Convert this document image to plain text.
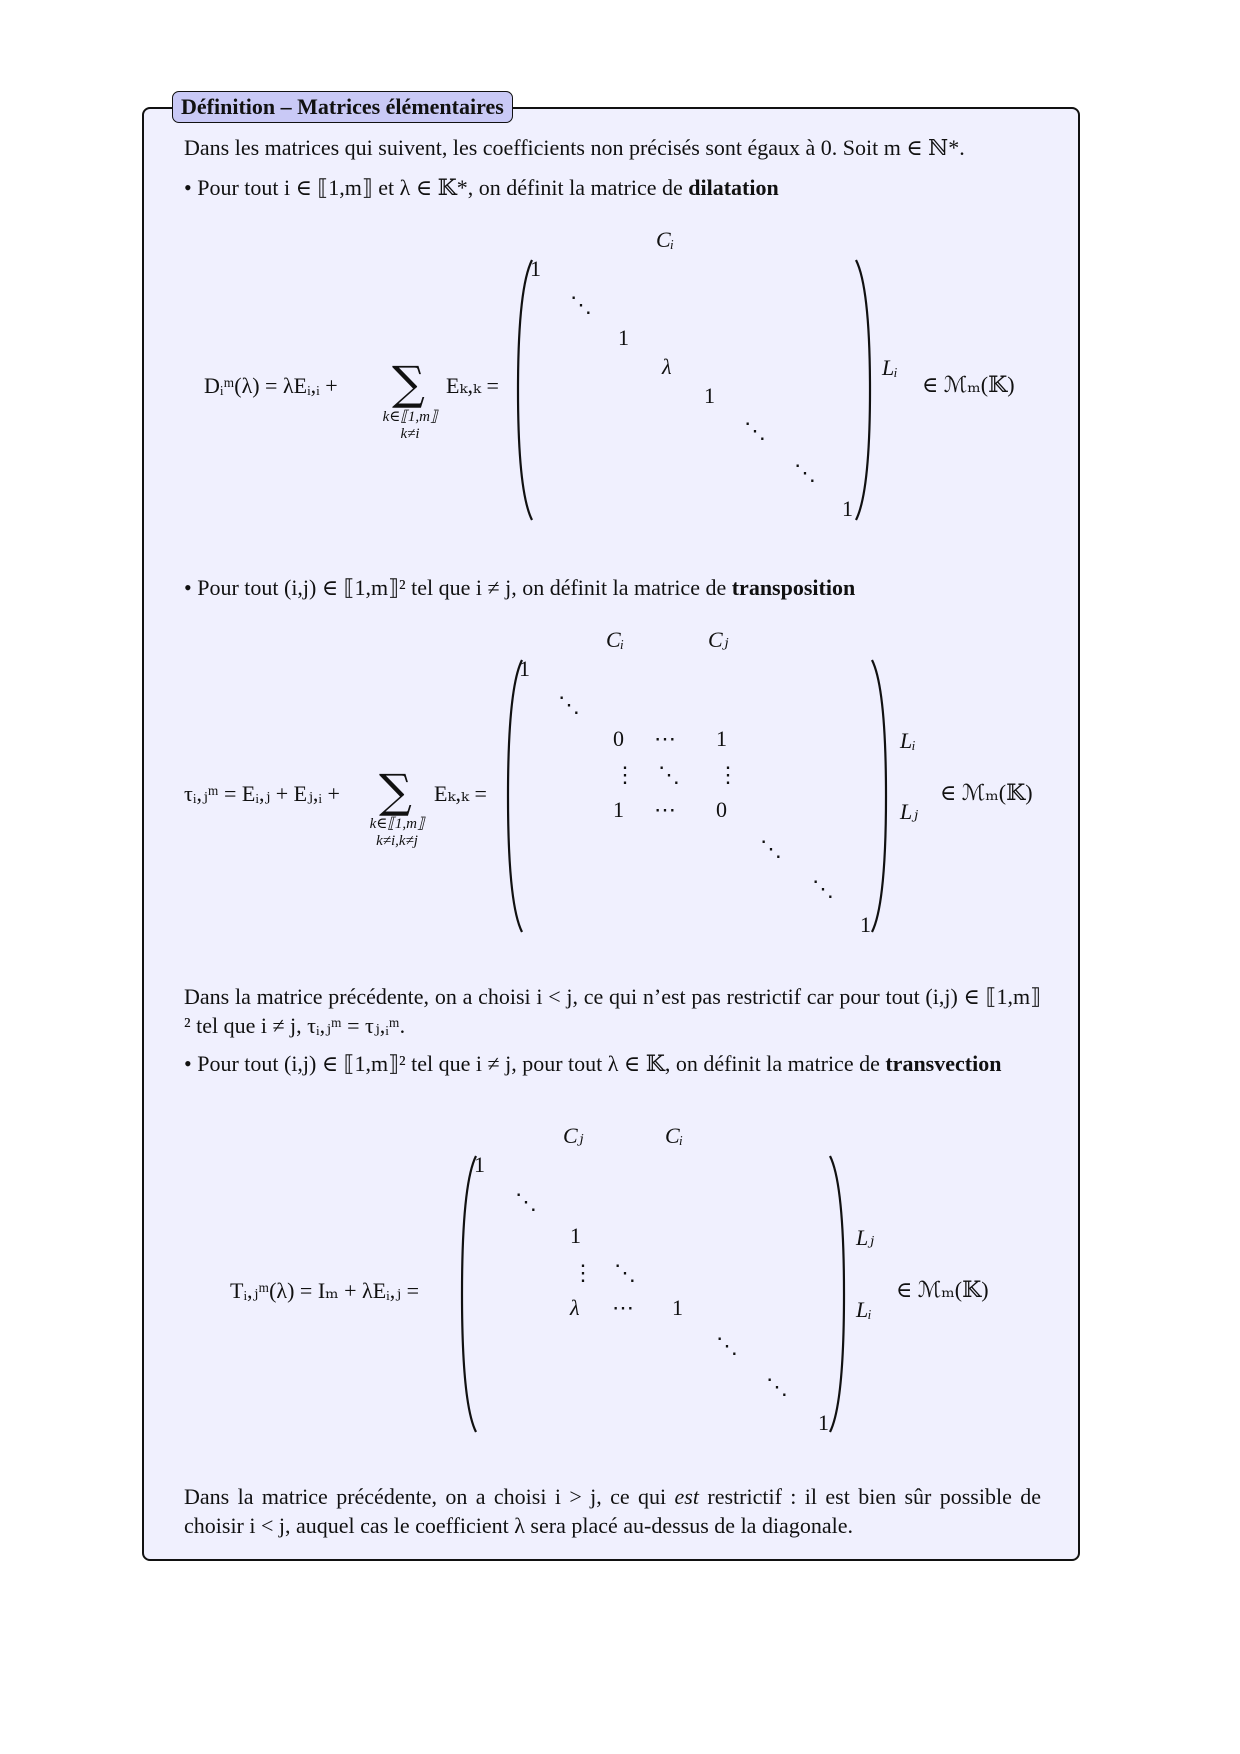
Définition – Matrices élémentaires
Dans les matrices qui suivent, les coefficients non précisés sont égaux à 0. Soit m ∈ ℕ*.
• Pour tout i ∈ ⟦1,m⟧ et λ ∈ 𝕂*, on définit la matrice de dilatation
Dᵢᵐ(λ) = λEᵢ,ᵢ + ∑
k∈⟦1,m⟧
k≠i
Eₖ,ₖ =
Cᵢ
Lᵢ
1
⋱
1
λ
1
⋱
⋱
1
∈ ℳₘ(𝕂)
• Pour tout (i,j) ∈ ⟦1,m⟧² tel que i ≠ j, on définit la matrice de transposition
τᵢ,ⱼᵐ = Eᵢ,ⱼ + Eⱼ,ᵢ + ∑
k∈⟦1,m⟧
k≠i,k≠j
Eₖ,ₖ =
Cᵢ	Cⱼ
Lᵢ
Lⱼ
1
⋱
0 ⋯ 1
⋮ ⋱ ⋮
1 ⋯ 0
⋱
⋱
1
∈ ℳₘ(𝕂)
Dans la matrice précédente, on a choisi i < j, ce qui n’est pas restrictif car pour tout (i,j) ∈ ⟦1,m⟧² tel que i ≠ j, τᵢ,ⱼᵐ = τⱼ,ᵢᵐ.
• Pour tout (i,j) ∈ ⟦1,m⟧² tel que i ≠ j, pour tout λ ∈ 𝕂, on définit la matrice de transvection
Tᵢ,ⱼᵐ(λ) = Iₘ + λEᵢ,ⱼ =
Cⱼ	Cᵢ
Lⱼ
Lᵢ
1
⋱
1
⋮ ⋱
λ ⋯ 1
⋱
⋱
1
∈ ℳₘ(𝕂)
Dans la matrice précédente, on a choisi i > j, ce qui est restrictif : il est bien sûr possible de choisir i < j, auquel cas le coefficient λ sera placé au-dessus de la diagonale.
